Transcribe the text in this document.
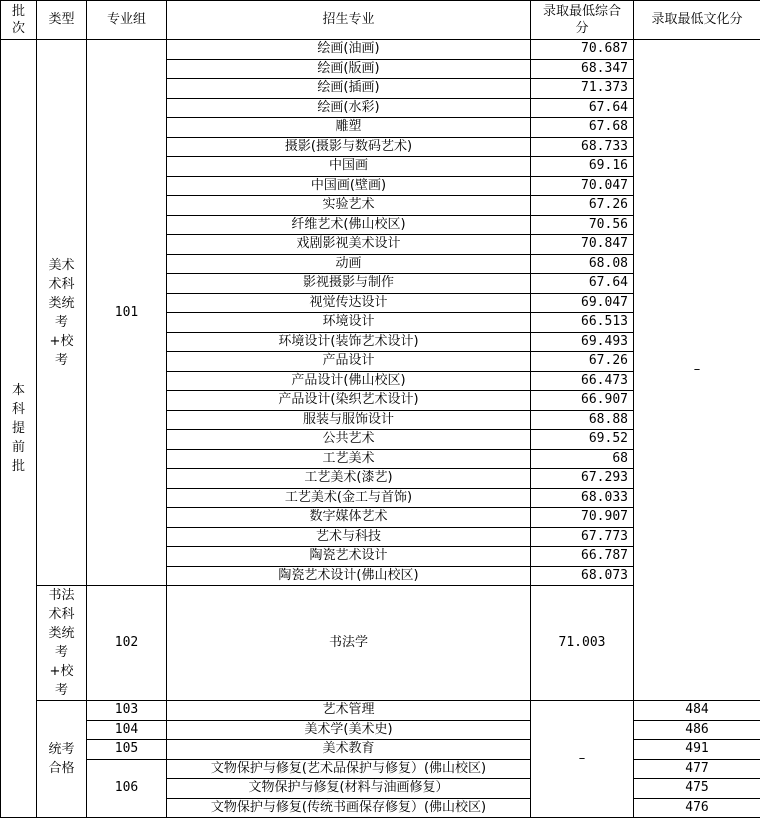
批次	类型	专业组	招生专业	录取最低综合分	录取最低文化分
本科提前批	美术术科类统考+校考	101	绘画(油画)	70.687	–
			绘画(版画)	68.347	
			绘画(插画)	71.373	
			绘画(水彩)	67.64	
			雕塑	67.68	
			摄影(摄影与数码艺术)	68.733	
			中国画	69.16	
			中国画(壁画)	70.047	
			实验艺术	67.26	
			纤维艺术(佛山校区)	70.56	
			戏剧影视美术设计	70.847	
			动画	68.08	
			影视摄影与制作	67.64	
			视觉传达设计	69.047	
			环境设计	66.513	
			环境设计(装饰艺术设计)	69.493	
			产品设计	67.26	
			产品设计(佛山校区)	66.473	
			产品设计(染织艺术设计)	66.907	
			服装与服饰设计	68.88	
			公共艺术	69.52	
			工艺美术	68	
			工艺美术(漆艺)	67.293	
			工艺美术(金工与首饰)	68.033	
			数字媒体艺术	70.907	
			艺术与科技	67.773	
			陶瓷艺术设计	66.787	
			陶瓷艺术设计(佛山校区)	68.073	
	书法术科类统考+校考	102	书法学	71.003	
	统考合格	103	艺术管理	–	484
		104	美术学(美术史)		486
		105	美术教育		491
		106	文物保护与修复(艺术品保护与修复）(佛山校区)		477
			文物保护与修复(材料与油画修复）		475
			文物保护与修复(传统书画保存修复）(佛山校区)		476
